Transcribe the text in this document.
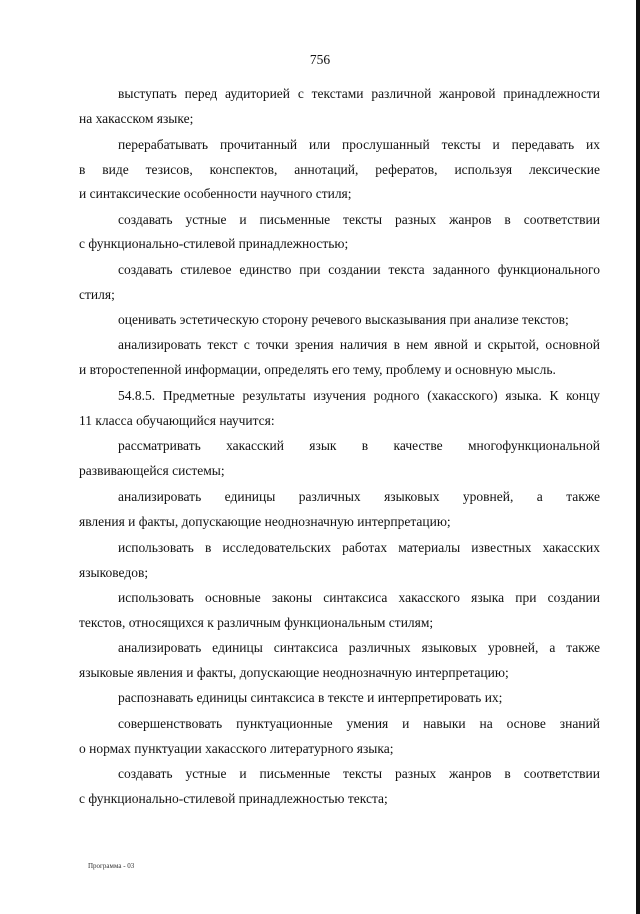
756
выступать перед аудиторией с текстами различной жанровой принадлежности
на хакасском языке;
перерабатывать прочитанный или прослушанный тексты и передавать их
в виде тезисов, конспектов, аннотаций, рефератов, используя лексические
и синтаксические особенности научного стиля;
создавать устные и письменные тексты разных жанров в соответствии
с функционально-стилевой принадлежностью;
создавать стилевое единство при создании текста заданного функционального
стиля;
оценивать эстетическую сторону речевого высказывания при анализе текстов;
анализировать текст с точки зрения наличия в нем явной и скрытой, основной
и второстепенной информации, определять его тему, проблему и основную мысль.
54.8.5. Предметные результаты изучения родного (хакасского) языка. К концу
11 класса обучающийся научится:
рассматривать хакасский язык в качестве многофункциональной
развивающейся системы;
анализировать единицы различных языковых уровней, а также
явления и факты, допускающие неоднозначную интерпретацию;
использовать в исследовательских работах материалы известных хакасских
языковедов;
использовать основные законы синтаксиса хакасского языка при создании
текстов, относящихся к различным функциональным стилям;
анализировать единицы синтаксиса различных языковых уровней, а также
языковые явления и факты, допускающие неоднозначную интерпретацию;
распознавать единицы синтаксиса в тексте и интерпретировать их;
совершенствовать пунктуационные умения и навыки на основе знаний
о нормах пунктуации хакасского литературного языка;
создавать устные и письменные тексты разных жанров в соответствии
с функционально-стилевой принадлежностью текста;
Программа - 03
